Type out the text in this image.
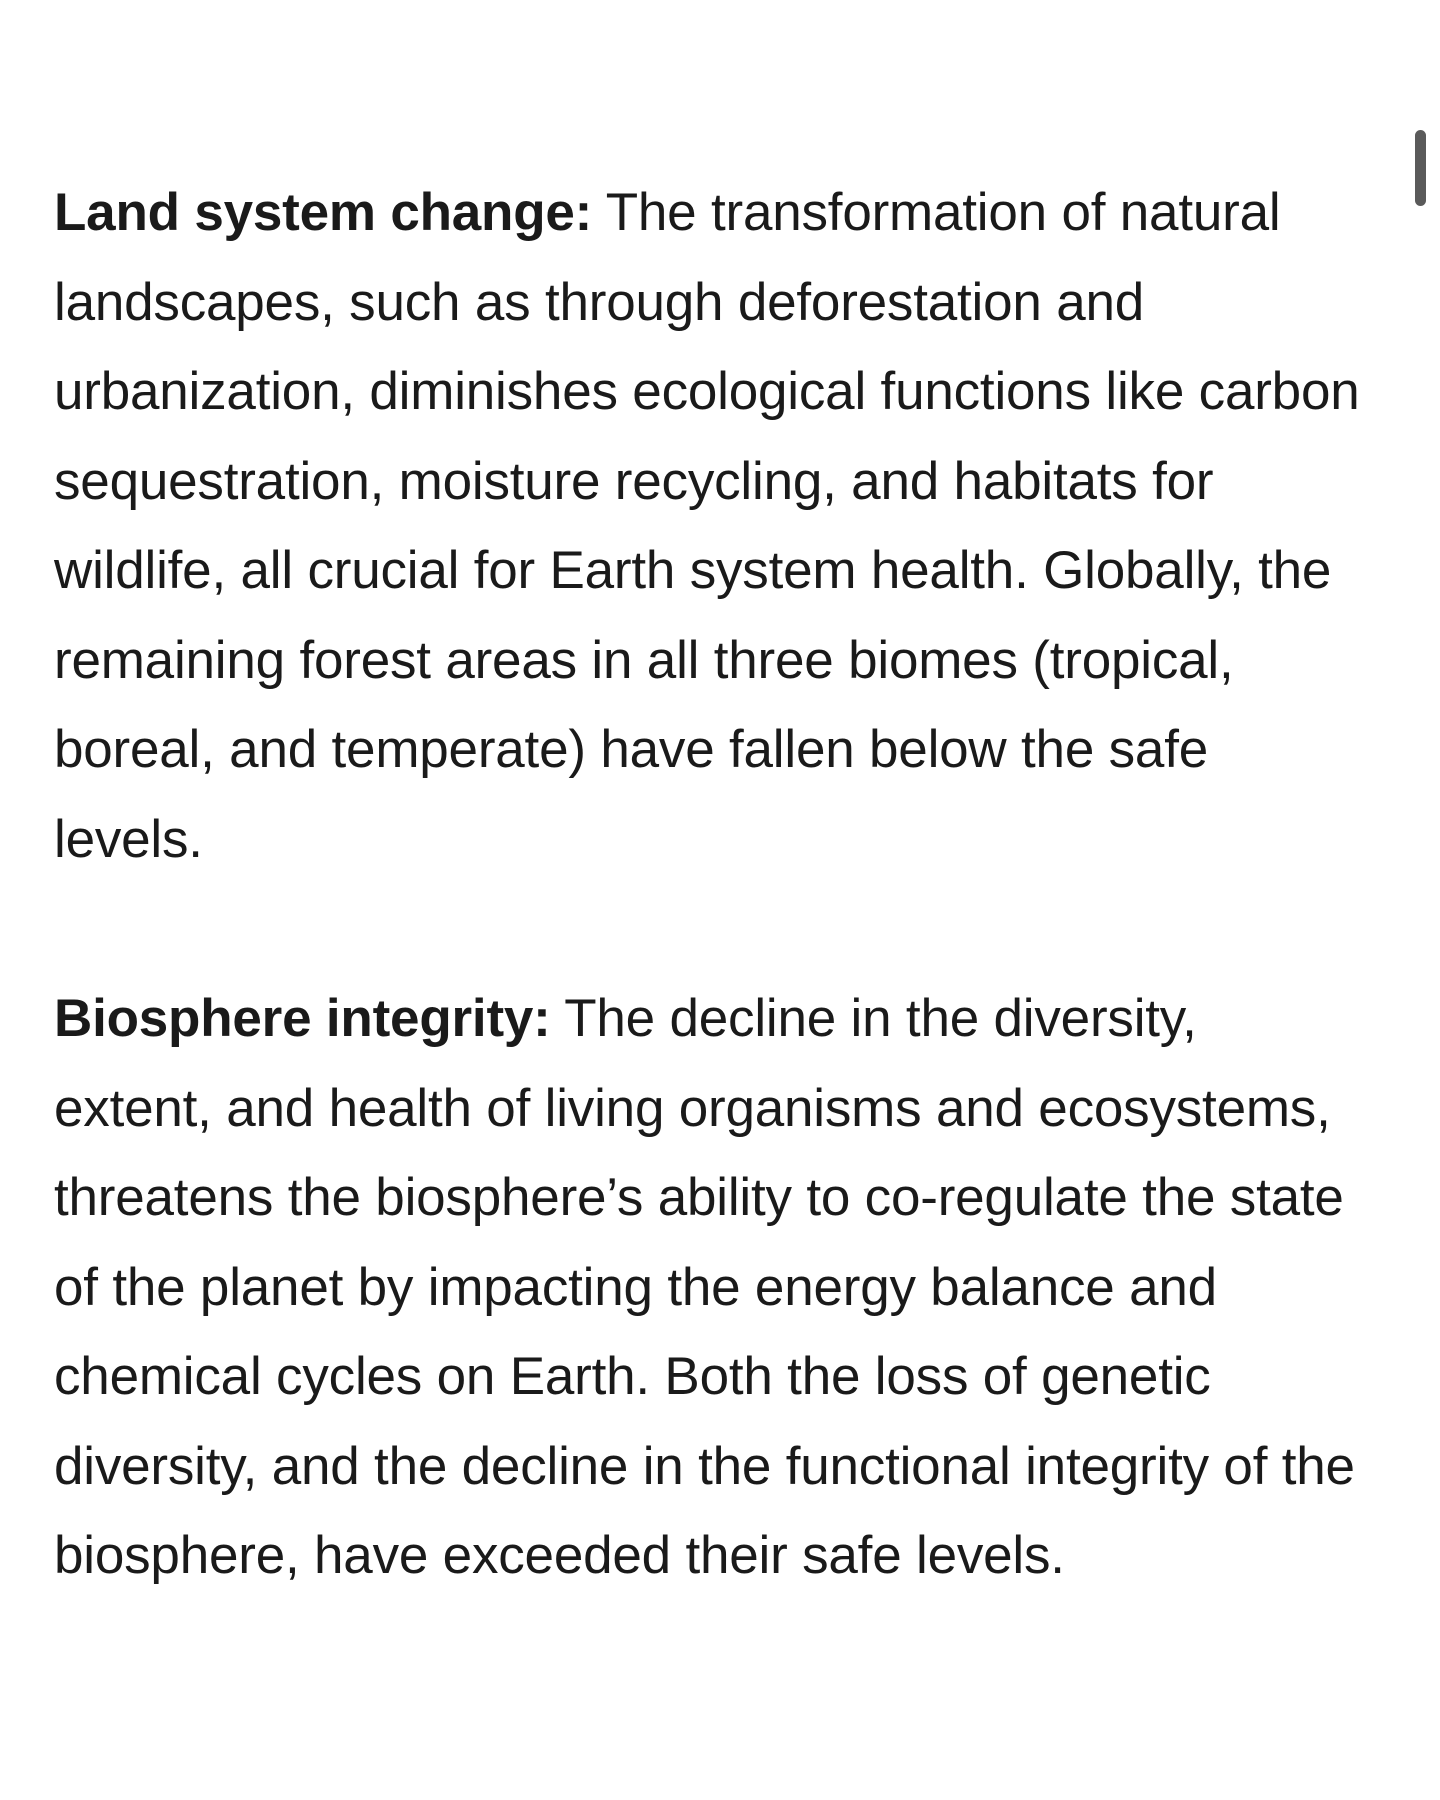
Land system change: The transformation of natural landscapes, such as through deforestation and urbanization, diminishes ecological functions like carbon sequestration, moisture recycling, and habitats for wildlife, all crucial for Earth system health. Globally, the remaining forest areas in all three biomes (tropical, boreal, and temperate) have fallen below the safe levels.

Biosphere integrity: The decline in the diversity, extent, and health of living organisms and ecosystems, threatens the biosphere’s ability to co-regulate the state of the planet by impacting the energy balance and chemical cycles on Earth. Both the loss of genetic diversity, and the decline in the functional integrity of the biosphere, have exceeded their safe levels.
